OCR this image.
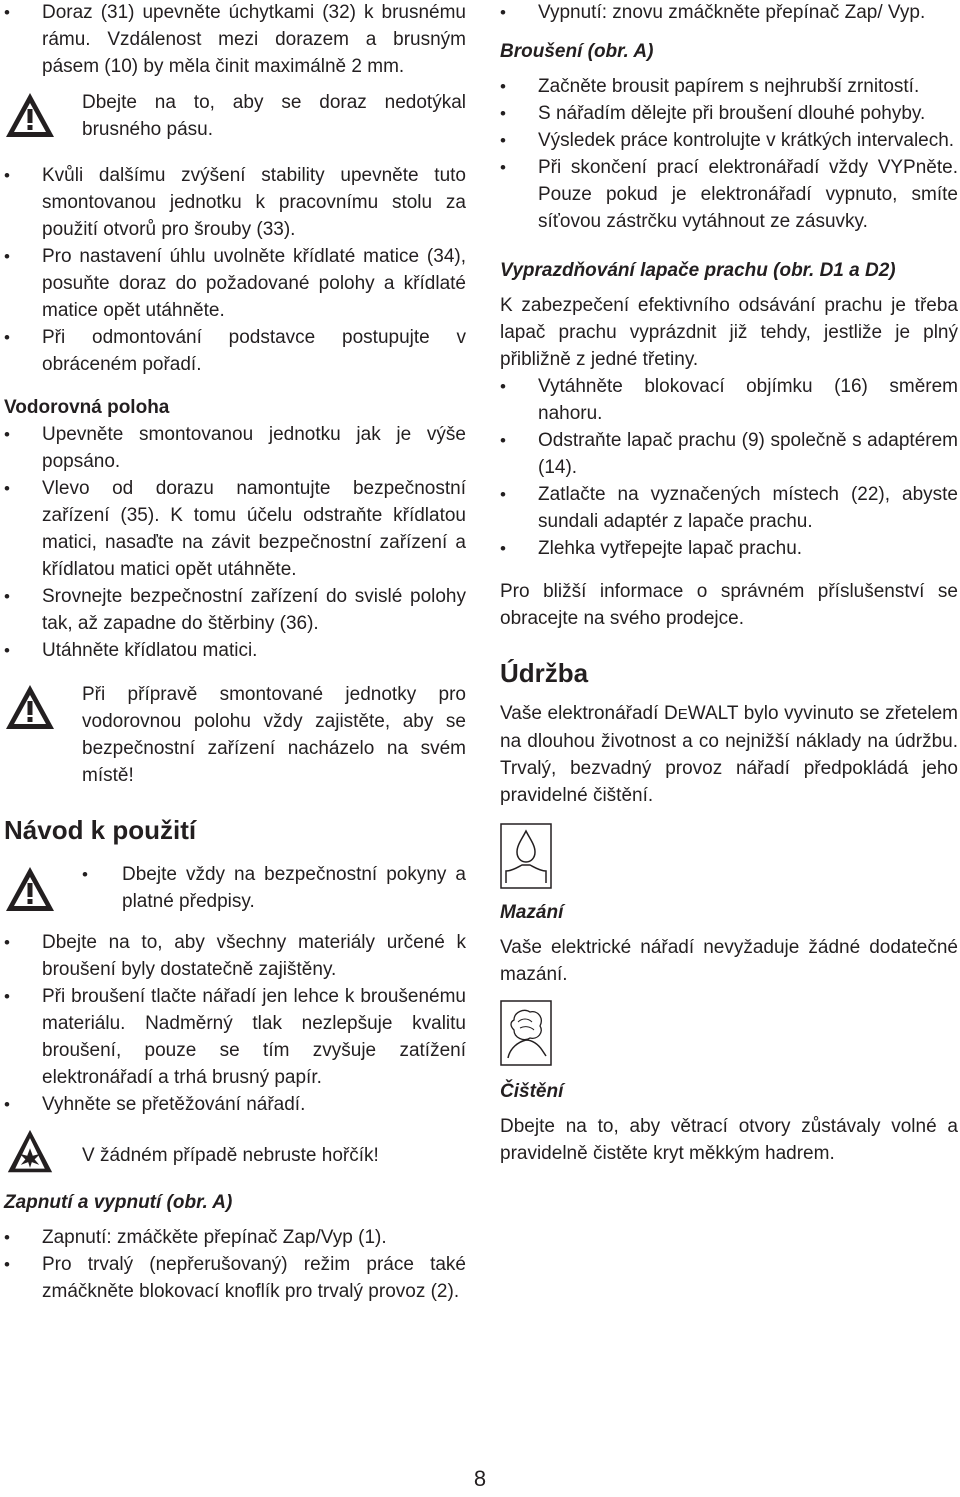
• Doraz (31) upevněte úchytkami (32) k brusnému rámu. Vzdálenost mezi dorazem a brusným pásem (10) by měla činit maximálně 2 mm.

Dbejte na to, aby se doraz nedotýkal brusného pásu.

• Kvůli dalšímu zvýšení stability upevněte tuto smontovanou jednotku k pracovnímu stolu za použití otvorů pro šrouby (33).
• Pro nastavení úhlu uvolněte křídlaté matice (34), posuňte doraz do požadované polohy a křídlaté matice opět utáhněte.
• Při odmontování podstavce postupujte v obráceném pořadí.

Vodorovná poloha

• Upevněte smontovanou jednotku jak je výše popsáno.
• Vlevo od dorazu namontujte bezpečnostní zařízení (35). K tomu účelu odstraňte křídlatou matici, nasaďte na závit bezpečnostní zařízení a křídlatou matici opět utáhněte.
• Srovnejte bezpečnostní zařízení do svislé polohy tak, až zapadne do štěrbiny (36).
• Utáhněte křídlatou matici.

Při přípravě smontované jednotky pro vodorovnou polohu vždy zajistěte, aby se bezpečnostní zařízení nacházelo na svém místě!

Návod k použití

• Dbejte vždy na bezpečnostní pokyny a platné předpisy.
• Dbejte na to, aby všechny materiály určené k broušení byly dostatečně zajištěny.
• Při broušení tlačte nářadí jen lehce k broušenému materiálu. Nadměrný tlak nezlepšuje kvalitu broušení, pouze se tím zvyšuje zatížení elektronářadí a trhá brusný papír.
• Vyhněte se přetěžování nářadí.

V žádném případě nebruste hořčík!

Zapnutí a vypnutí (obr. A)

• Zapnutí: zmáčkěte přepínač Zap/Vyp (1).
• Pro trvalý (nepřerušovaný) režim práce také zmáčkněte blokovací knoflík pro trvalý provoz (2).
• Vypnutí: znovu zmáčkněte přepínač Zap/ Vyp.

Broušení (obr. A)

• Začněte brousit papírem s nejhrubší zrnitostí.
• S nářadím dělejte při broušení dlouhé pohyby.
• Výsledek práce kontrolujte v krátkých intervalech.
• Při skončení prací elektronářadí vždy VYPněte. Pouze pokud je elektronářadí vypnuto, smíte síťovou zástrčku vytáhnout ze zásuvky.

Vyprazdňování lapače prachu (obr. D1 a D2)

K zabezpečení efektivního odsávání prachu je třeba lapač prachu vyprázdnit již tehdy, jestliže je plný přibližně z jedné třetiny.

• Vytáhněte blokovací objímku (16) směrem nahoru.
• Odstraňte lapač prachu (9) společně s adaptérem (14).
• Zatlačte na vyznačených místech (22), abyste sundali adaptér z lapače prachu.
• Zlehka vytřepejte lapač prachu.

Pro bližší informace o správném příslušenství se obracejte na svého prodejce.

Údržba

Vaše elektronářadí DEWALT bylo vyvinuto se zřetelem na dlouhou životnost a co nejnižší náklady na údržbu. Trvalý, bezvadný provoz nářadí předpokládá jeho pravidelné čištění.

Mazání

Vaše elektrické nářadí nevyžaduje žádné dodatečné mazání.

Čištění

Dbejte na to, aby větrací otvory zůstávaly volné a pravidelně čistěte kryt měkkým hadrem.

8
